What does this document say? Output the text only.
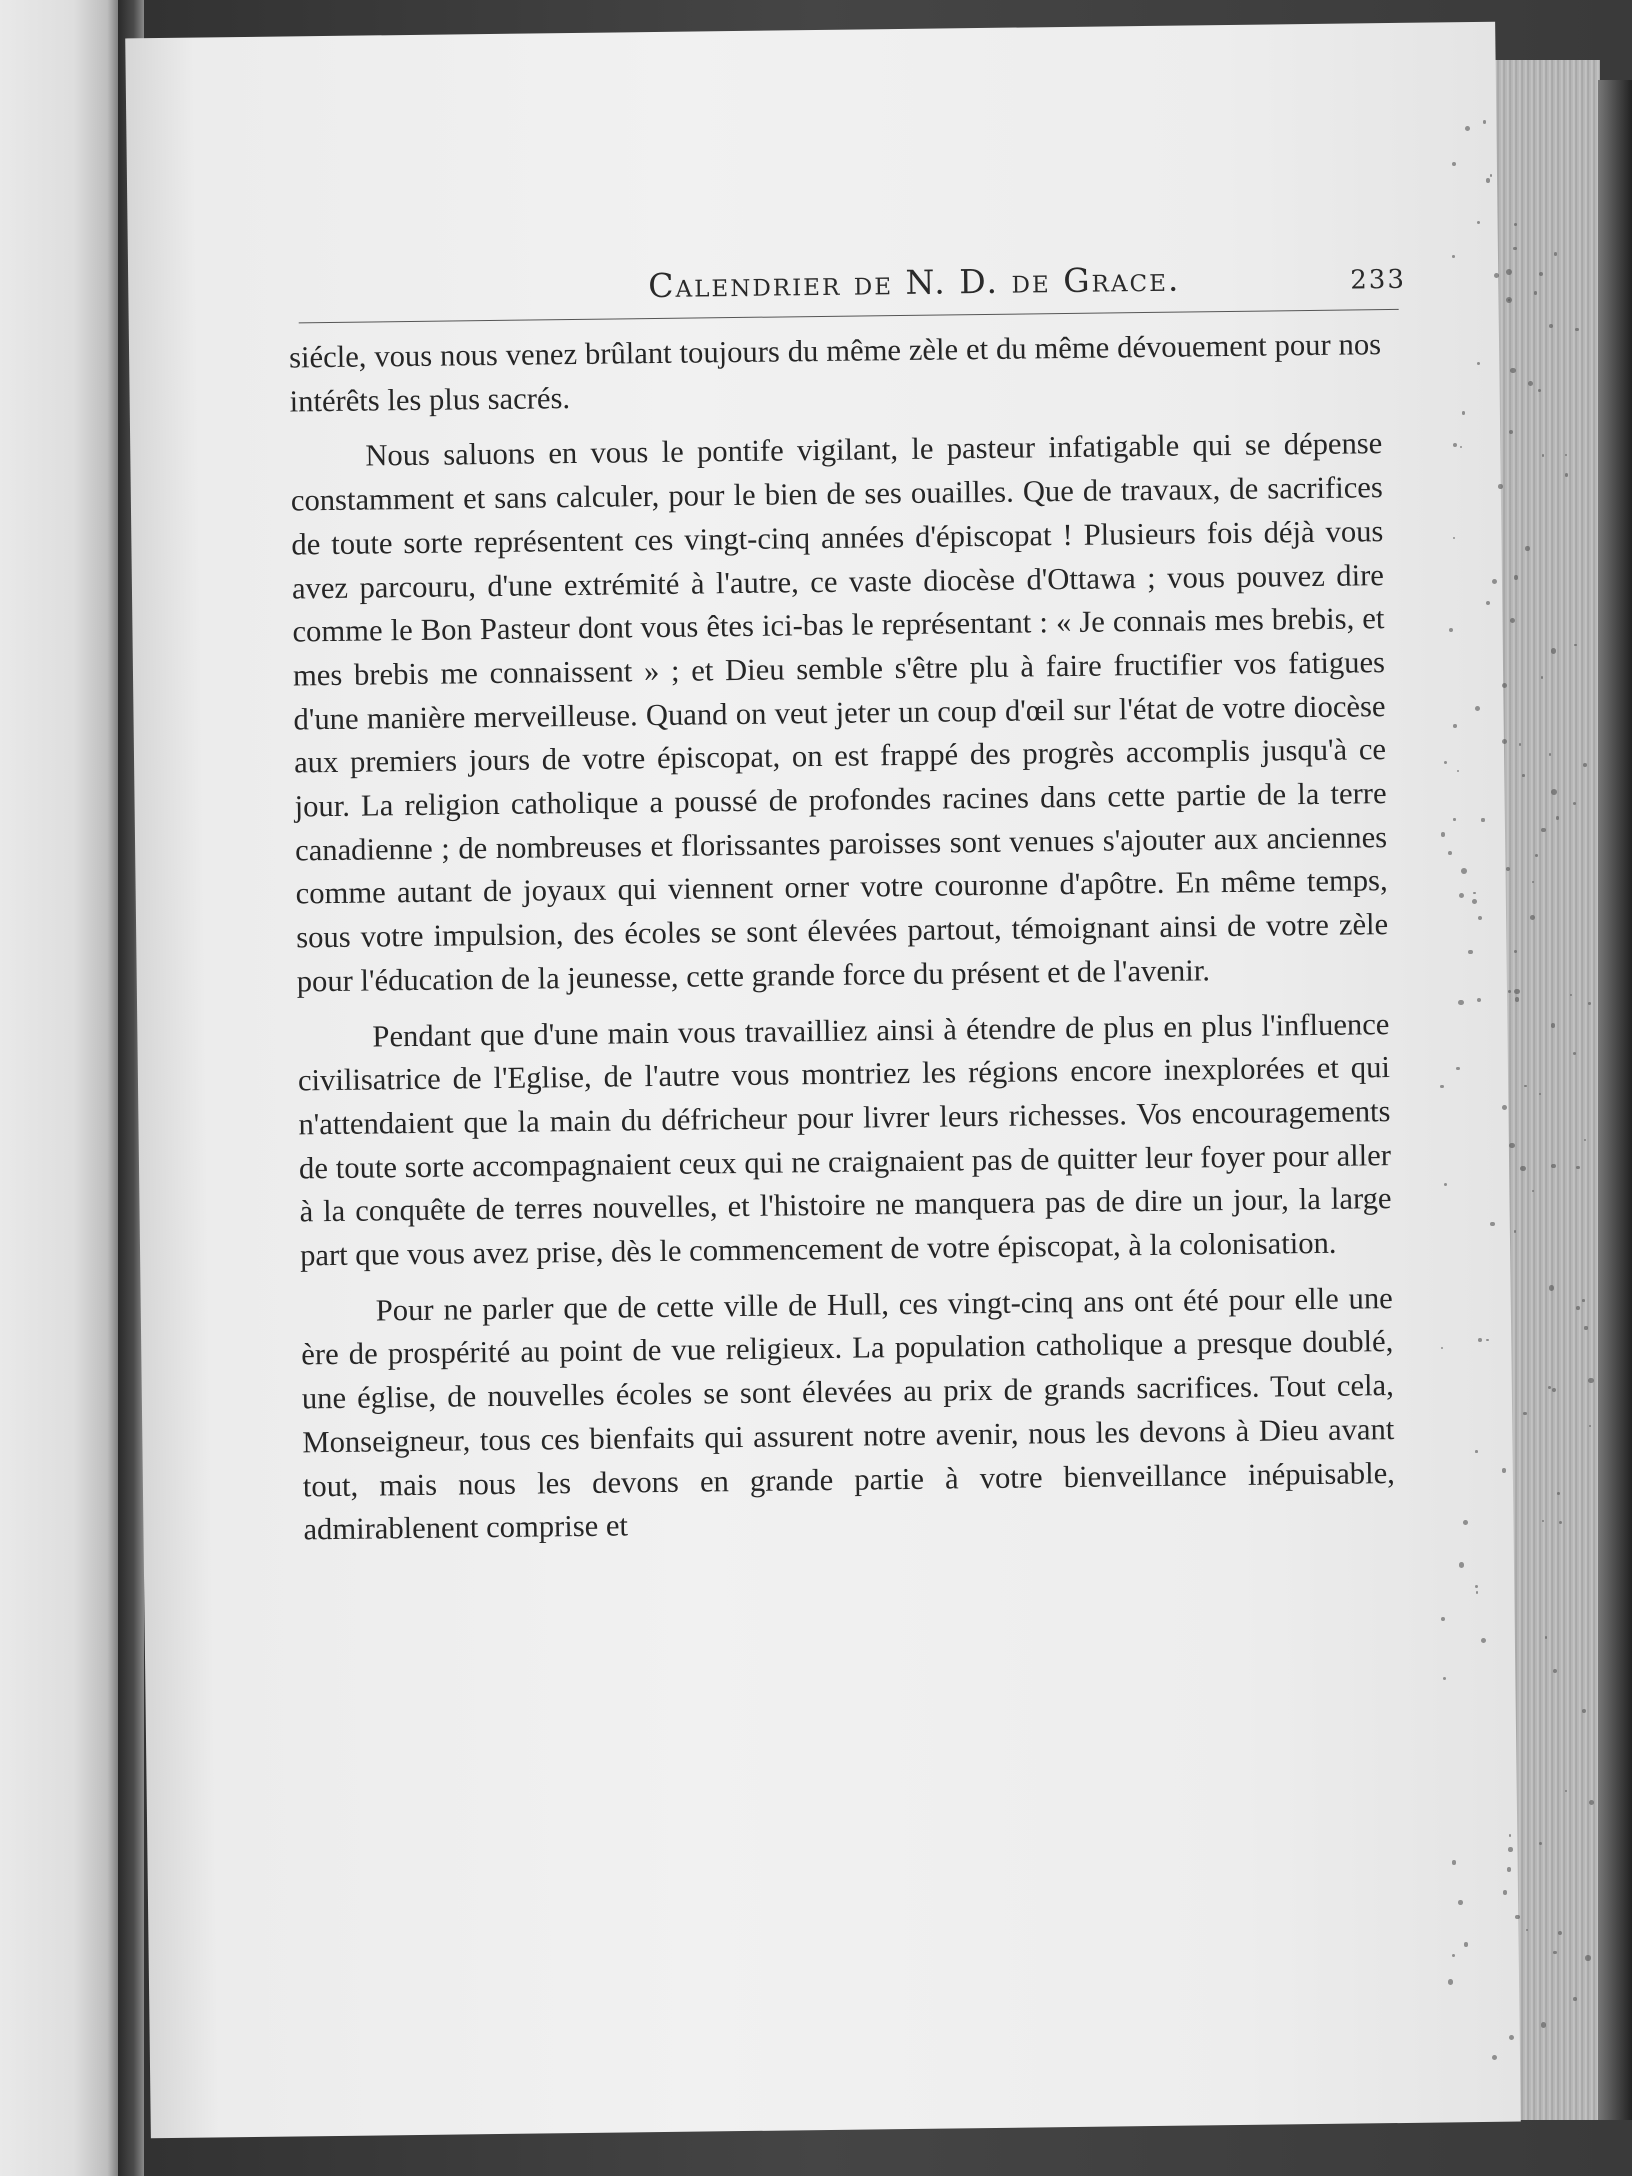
Calendrier de N. D. de Grace.	233

siécle, vous nous venez brûlant toujours du même zèle et du même dévouement pour nos intérêts les plus sacrés.

Nous saluons en vous le pontife vigilant, le pasteur infatigable qui se dépense constamment et sans calculer, pour le bien de ses ouailles. Que de travaux, de sacrifices de toute sorte représentent ces vingt-cinq années d'épiscopat ! Plusieurs fois déjà vous avez parcouru, d'une extrémité à l'autre, ce vaste diocèse d'Ottawa ; vous pouvez dire comme le Bon Pasteur dont vous êtes ici-bas le représentant : « Je connais mes brebis, et mes brebis me connaissent » ; et Dieu semble s'être plu à faire fructifier vos fatigues d'une manière merveilleuse. Quand on veut jeter un coup d'œil sur l'état de votre diocèse aux premiers jours de votre épiscopat, on est frappé des progrès accomplis jusqu'à ce jour. La religion catholique a poussé de profondes racines dans cette partie de la terre canadienne ; de nombreuses et florissantes paroisses sont venues s'ajouter aux anciennes comme autant de joyaux qui viennent orner votre couronne d'apôtre. En même temps, sous votre impulsion, des écoles se sont élevées partout, témoignant ainsi de votre zèle pour l'éducation de la jeunesse, cette grande force du présent et de l'avenir.

Pendant que d'une main vous travailliez ainsi à étendre de plus en plus l'influence civilisatrice de l'Eglise, de l'autre vous montriez les régions encore inexplorées et qui n'attendaient que la main du défricheur pour livrer leurs richesses. Vos encouragements de toute sorte accompagnaient ceux qui ne craignaient pas de quitter leur foyer pour aller à la conquête de terres nouvelles, et l'histoire ne manquera pas de dire un jour, la large part que vous avez prise, dès le commencement de votre épiscopat, à la colonisation.

Pour ne parler que de cette ville de Hull, ces vingt-cinq ans ont été pour elle une ère de prospérité au point de vue religieux. La population catholique a presque doublé, une église, de nouvelles écoles se sont élevées au prix de grands sacrifices. Tout cela, Monseigneur, tous ces bienfaits qui assurent notre avenir, nous les devons à Dieu avant tout, mais nous les devons en grande partie à votre bienveillance inépuisable, admirablenent comprise et
